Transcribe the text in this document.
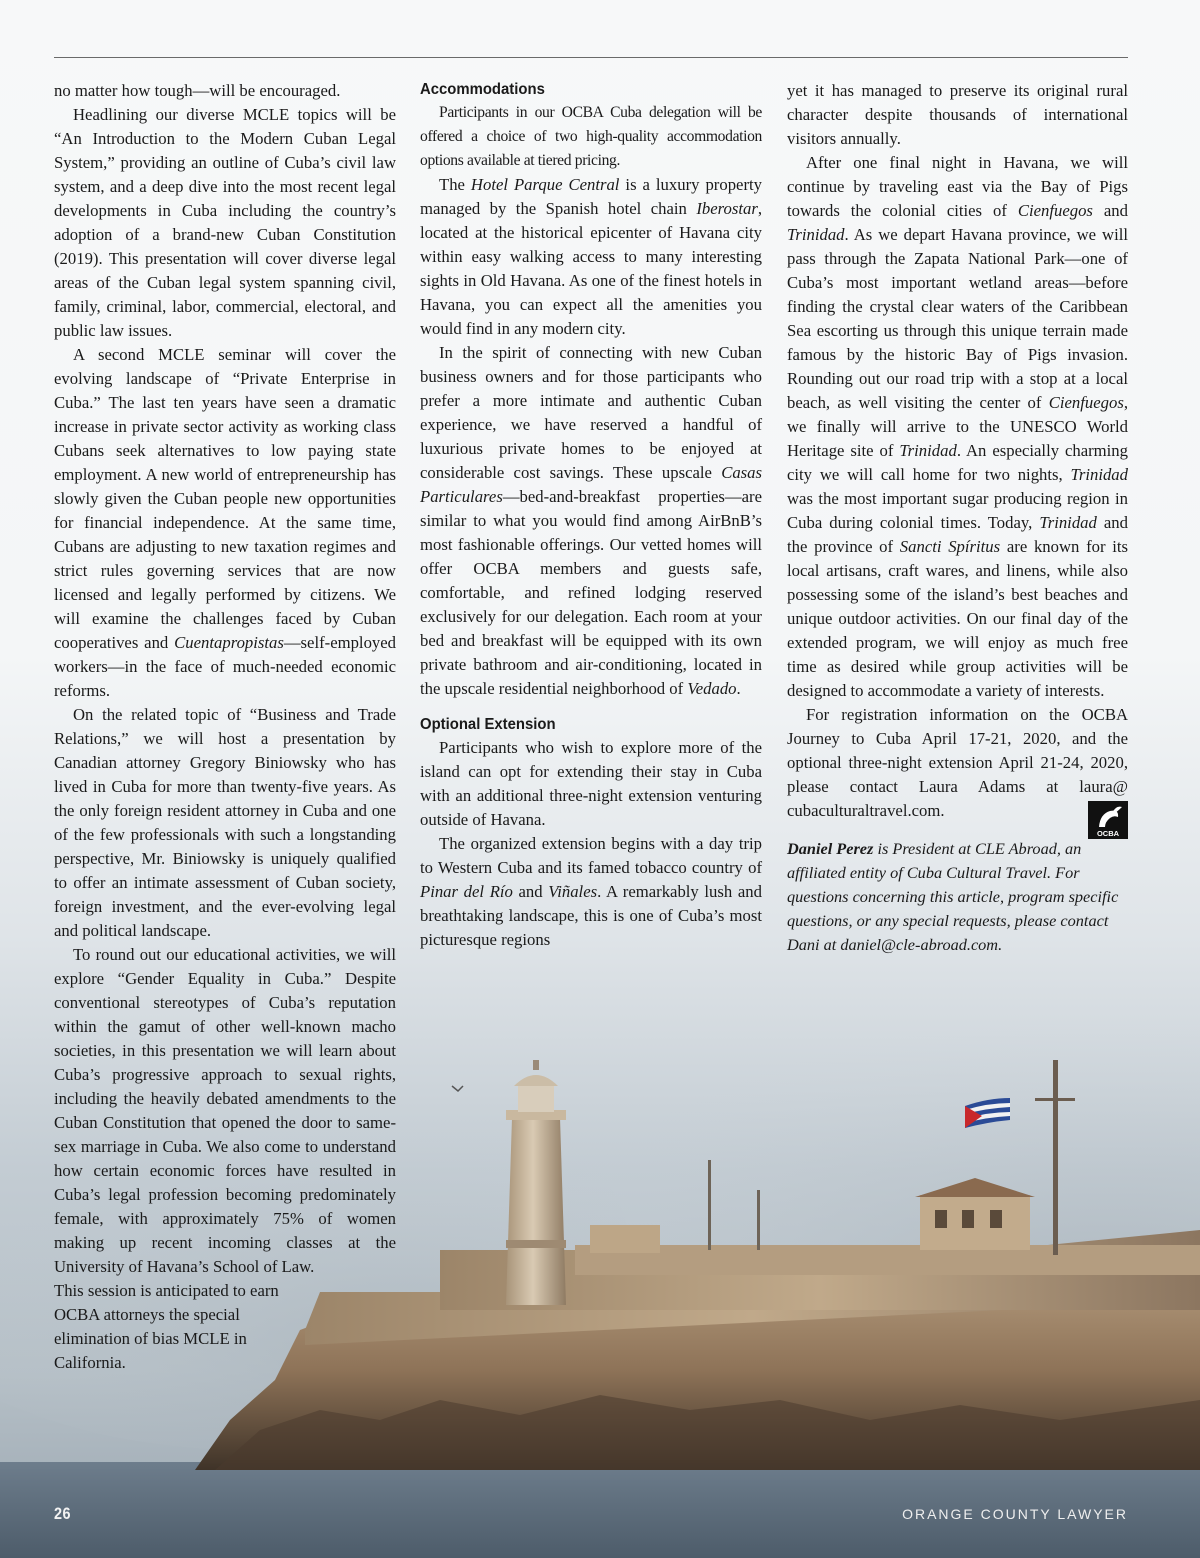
no matter how tough—will be encouraged.

Headlining our diverse MCLE topics will be “An Introduction to the Modern Cuban Legal System,” providing an outline of Cuba’s civil law system, and a deep dive into the most recent legal developments in Cuba including the country’s adoption of a brand-new Cuban Constitution (2019). This presentation will cover diverse legal areas of the Cuban legal system spanning civil, family, criminal, labor, commercial, electoral, and public law issues.

A second MCLE seminar will cover the evolving landscape of “Private Enterprise in Cuba.” The last ten years have seen a dramatic increase in private sector activity as working class Cubans seek alternatives to low paying state employment. A new world of entrepreneurship has slowly given the Cuban people new opportunities for financial independence. At the same time, Cubans are adjusting to new taxation regimes and strict rules governing services that are now licensed and legally performed by citizens. We will examine the challenges faced by Cuban cooperatives and Cuentapropistas—self-employed workers—in the face of much-needed economic reforms.

On the related topic of “Business and Trade Relations,” we will host a presentation by Canadian attorney Gregory Biniowsky who has lived in Cuba for more than twenty-five years. As the only foreign resident attorney in Cuba and one of the few professionals with such a longstanding perspective, Mr. Biniowsky is uniquely qualified to offer an intimate assessment of Cuban society, foreign investment, and the ever-evolving legal and political landscape.

To round out our educational activities, we will explore “Gender Equality in Cuba.” Despite conventional stereotypes of Cuba’s reputation within the gamut of other well-known macho societies, in this presentation we will learn about Cuba’s progressive approach to sexual rights, including the heavily debated amendments to the Cuban Constitution that opened the door to same-sex marriage in Cuba. We also come to understand how certain economic forces have resulted in Cuba’s legal profession becoming predominately female, with approximately 75% of women making up recent incoming classes at the University of Havana’s School of Law.

This session is anticipated to earn OCBA attorneys the special elimination of bias MCLE in California.

Accommodations

Participants in our OCBA Cuba delegation will be offered a choice of two high-quality accommodation options available at tiered pricing.

The Hotel Parque Central is a luxury property managed by the Spanish hotel chain Iberostar, located at the historical epicenter of Havana city within easy walking access to many interesting sights in Old Havana. As one of the finest hotels in Havana, you can expect all the amenities you would find in any modern city.

In the spirit of connecting with new Cuban business owners and for those participants who prefer a more intimate and authentic Cuban experience, we have reserved a handful of luxurious private homes to be enjoyed at considerable cost savings. These upscale Casas Particulares—bed-and-breakfast properties—are similar to what you would find among AirBnB’s most fashionable offerings. Our vetted homes will offer OCBA members and guests safe, comfortable, and refined lodging reserved exclusively for our delegation. Each room at your bed and breakfast will be equipped with its own private bathroom and air-conditioning, located in the upscale residential neighborhood of Vedado.

Optional Extension

Participants who wish to explore more of the island can opt for extending their stay in Cuba with an additional three-night extension venturing outside of Havana.

The organized extension begins with a day trip to Western Cuba and its famed tobacco country of Pinar del Río and Viñales. A remarkably lush and breathtaking landscape, this is one of Cuba’s most picturesque regions

yet it has managed to preserve its original rural character despite thousands of international visitors annually.

After one final night in Havana, we will continue by traveling east via the Bay of Pigs towards the colonial cities of Cienfuegos and Trinidad. As we depart Havana province, we will pass through the Zapata National Park—one of Cuba’s most important wetland areas—before finding the crystal clear waters of the Caribbean Sea escorting us through this unique terrain made famous by the historic Bay of Pigs invasion. Rounding out our road trip with a stop at a local beach, as well visiting the center of Cienfuegos, we finally will arrive to the UNESCO World Heritage site of Trinidad. An especially charming city we will call home for two nights, Trinidad was the most important sugar producing region in Cuba during colonial times. Today, Trinidad and the province of Sancti Spíritus are known for its local artisans, craft wares, and linens, while also possessing some of the island’s best beaches and unique outdoor activities. On our final day of the extended program, we will enjoy as much free time as desired while group activities will be designed to accommodate a variety of interests.

For registration information on the OCBA Journey to Cuba April 17-21, 2020, and the optional three-night extension April 21-24, 2020, please contact Laura Adams at laura@ cubaculturaltravel.com.
OCBA

Daniel Perez is President at CLE Abroad, an affiliated entity of Cuba Cultural Travel. For questions concerning this article, program specific questions, or any special requests, please contact Dani at daniel@cle-abroad.com.

26	ORANGE COUNTY LAWYER
